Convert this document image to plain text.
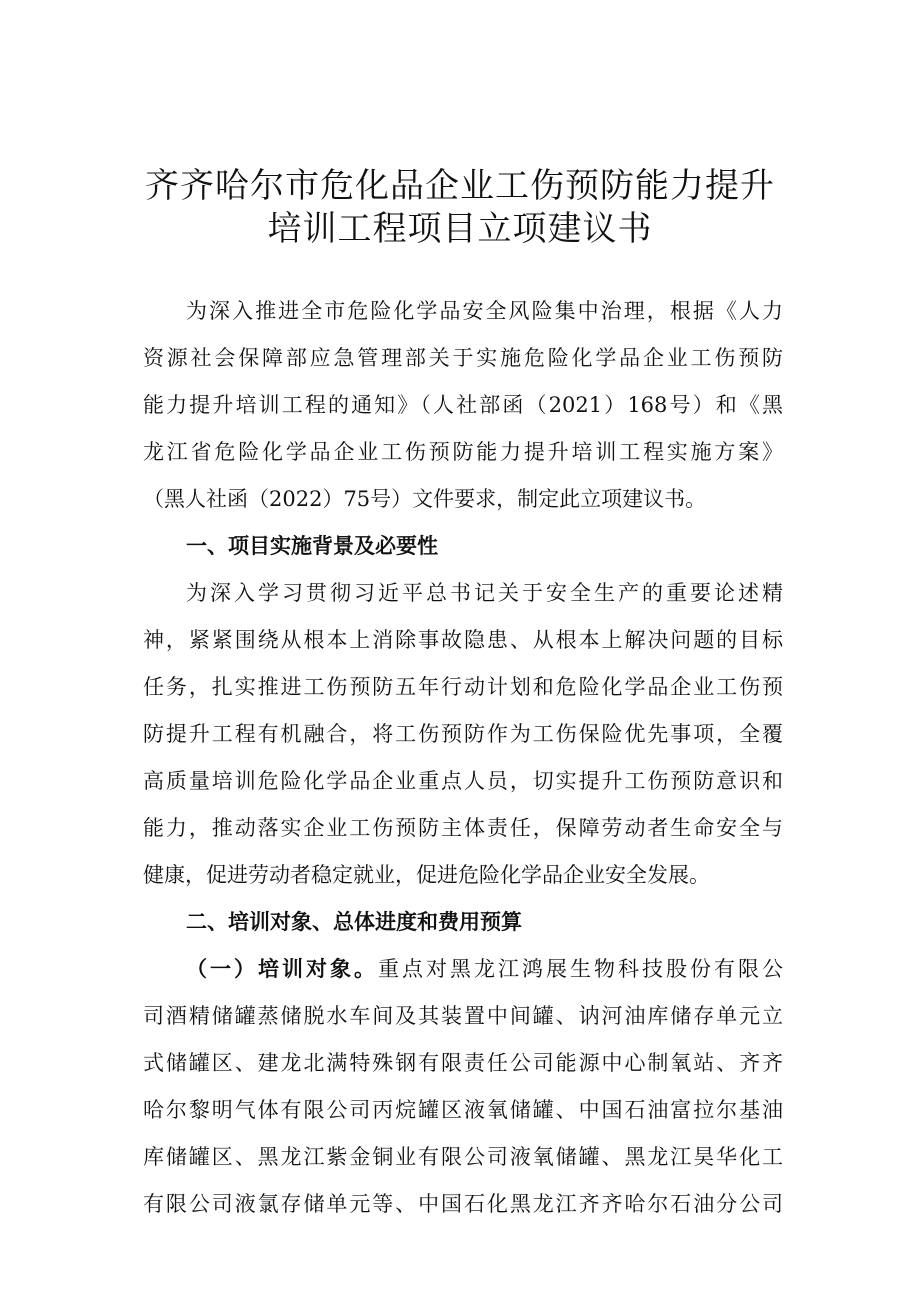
齐齐哈尔市危化品企业工伤预防能力提升
培训工程项目立项建议书
为深入推进全市危险化学品安全风险集中治理，根据《人力
资源社会保障部应急管理部关于实施危险化学品企业工伤预防
能力提升培训工程的通知》（人社部函（2021）168号）和《黑
龙江省危险化学品企业工伤预防能力提升培训工程实施方案》
（黑人社函（2022）75号）文件要求，制定此立项建议书。
一、项目实施背景及必要性
为深入学习贯彻习近平总书记关于安全生产的重要论述精
神，紧紧围绕从根本上消除事故隐患、从根本上解决问题的目标
任务，扎实推进工伤预防五年行动计划和危险化学品企业工伤预
防提升工程有机融合，将工伤预防作为工伤保险优先事项，全覆
高质量培训危险化学品企业重点人员，切实提升工伤预防意识和
能力，推动落实企业工伤预防主体责任，保障劳动者生命安全与
健康，促进劳动者稳定就业，促进危险化学品企业安全发展。
二、培训对象、总体进度和费用预算
（一）培训对象。重点对黑龙江鸿展生物科技股份有限公
司酒精储罐蒸储脱水车间及其装置中间罐、讷河油库储存单元立
式储罐区、建龙北满特殊钢有限责任公司能源中心制氧站、齐齐
哈尔黎明气体有限公司丙烷罐区液氧储罐、中国石油富拉尔基油
库储罐区、黑龙江紫金铜业有限公司液氧储罐、黑龙江昊华化工
有限公司液氯存储单元等、中国石化黑龙江齐齐哈尔石油分公司
